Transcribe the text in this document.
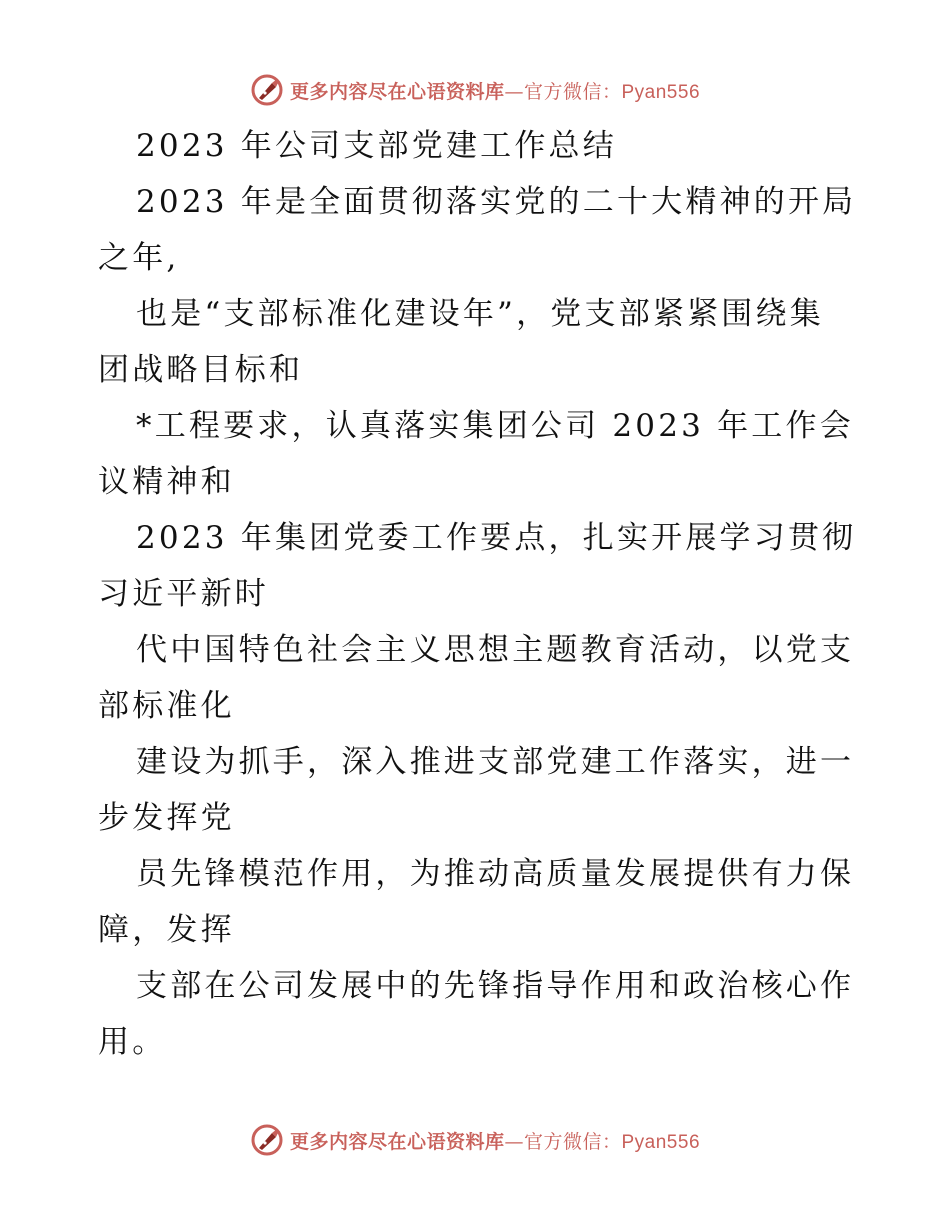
更多内容尽在心语资料库—官方微信：Pyan556
2023 年公司支部党建工作总结
2023 年是全面贯彻落实党的二十大精神的开局
之年,
也是“支部标准化建设年”，党支部紧紧围绕集
团战略目标和
*工程要求，认真落实集团公司 2023 年工作会
议精神和
2023 年集团党委工作要点，扎实开展学习贯彻
习近平新时
代中国特色社会主义思想主题教育活动，以党支
部标准化
建设为抓手，深入推进支部党建工作落实，进一
步发挥党
员先锋模范作用，为推动高质量发展提供有力保
障，发挥
支部在公司发展中的先锋指导作用和政治核心作
用。
更多内容尽在心语资料库—官方微信：Pyan556
